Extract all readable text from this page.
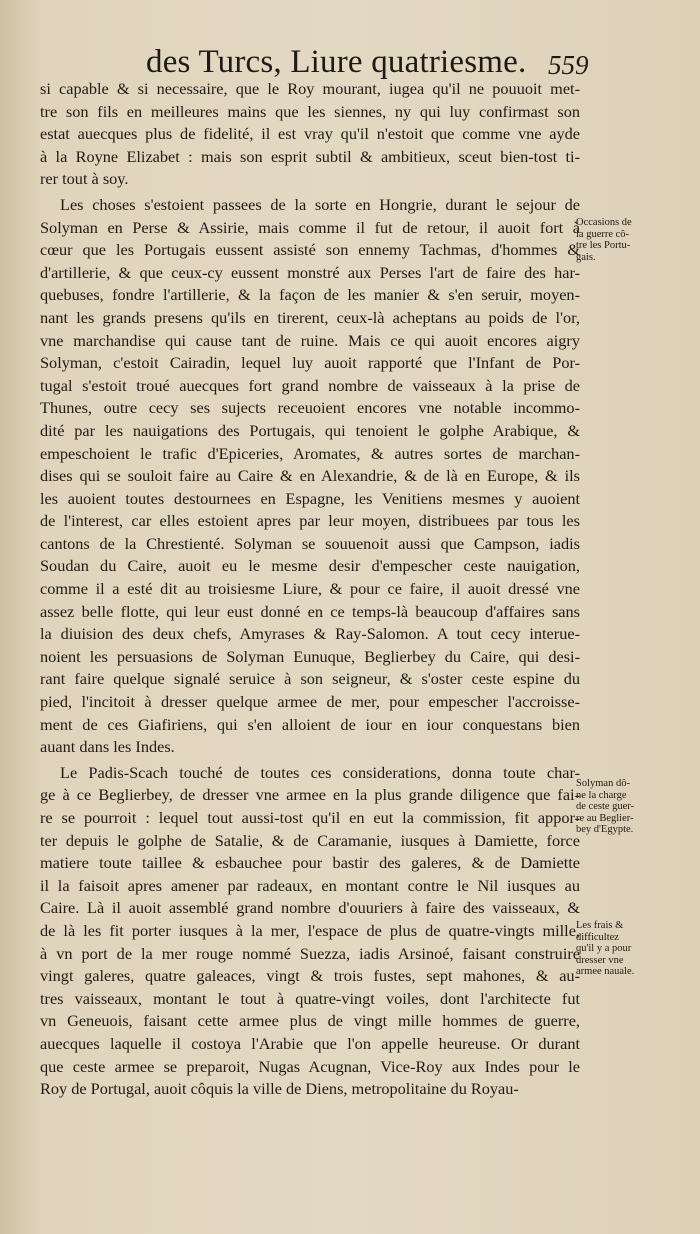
des Turcs, Liure quatriesme. 559
si capable & si necessaire, que le Roy mourant, iugea qu'il ne pouuoit met-
tre son fils en meilleures mains que les siennes, ny qui luy confirmast son
estat auecques plus de fidelité, il est vray qu'il n'estoit que comme vne ayde
à la Royne Elizabet : mais son esprit subtil & ambitieux, sceut bien-tost ti-
rer tout à soy.
Les choses s'estoient passees de la sorte en Hongrie, durant le sejour de
Solyman en Perse & Assirie, mais comme il fut de retour, il auoit fort à
cœur que les Portugais eussent assisté son ennemy Tachmas, d'hommes &
d'artillerie, & que ceux-cy eussent monstré aux Perses l'art de faire des har-
quebuses, fondre l'artillerie, & la façon de les manier & s'en seruir, moyen-
nant les grands presens qu'ils en tirerent, ceux-là acheptans au poids de l'or,
vne marchandise qui cause tant de ruine. Mais ce qui auoit encores aigry
Solyman, c'estoit Cairadin, lequel luy auoit rapporté que l'Infant de Por-
tugal s'estoit troué auecques fort grand nombre de vaisseaux à la prise de
Thunes, outre cecy ses sujects receuoient encores vne notable incommo-
dité par les nauigations des Portugais, qui tenoient le golphe Arabique, &
empeschoient le trafic d'Epiceries, Aromates, & autres sortes de marchan-
dises qui se souloit faire au Caire & en Alexandrie, & de là en Europe, & ils
les auoient toutes destournees en Espagne, les Venitiens mesmes y auoient
de l'interest, car elles estoient apres par leur moyen, distribuees par tous les
cantons de la Chrestienté. Solyman se souuenoit aussi que Campson, iadis
Soudan du Caire, auoit eu le mesme desir d'empescher ceste nauigation,
comme il a esté dit au troisiesme Liure, & pour ce faire, il auoit dressé vne
assez belle flotte, qui leur eust donné en ce temps-là beaucoup d'affaires sans
la diuision des deux chefs, Amyrases & Ray-Salomon. A tout cecy interue-
noient les persuasions de Solyman Eunuque, Beglierbey du Caire, qui desi-
rant faire quelque signalé seruice à son seigneur, & s'oster ceste espine du
pied, l'incitoit à dresser quelque armee de mer, pour empescher l'accroisse-
ment de ces Giafiriens, qui s'en alloient de iour en iour conquestans bien
auant dans les Indes.
Le Padis-Scach touché de toutes ces considerations, donna toute char-
ge à ce Beglierbey, de dresser vne armee en la plus grande diligence que fai-
re se pourroit : lequel tout aussi-tost qu'il en eut la commission, fit appor-
ter depuis le golphe de Satalie, & de Caramanie, iusques à Damiette, force
matiere toute taillee & esbauchee pour bastir des galeres, & de Damiette
il la faisoit apres amener par radeaux, en montant contre le Nil iusques au
Caire. Là il auoit assemblé grand nombre d'ouuriers à faire des vaisseaux, &
de là les fit porter iusques à la mer, l'espace de plus de quatre-vingts mille,
à vn port de la mer rouge nommé Suezza, iadis Arsinoé, faisant construire
vingt galeres, quatre galeaces, vingt & trois fustes, sept mahones, & au-
tres vaisseaux, montant le tout à quatre-vingt voiles, dont l'architecte fut
vn Geneuois, faisant cette armee plus de vingt mille hommes de guerre,
auecques laquelle il costoya l'Arabie que l'on appelle heureuse. Or durant
que ceste armee se preparoit, Nugas Acugnan, Vice-Roy aux Indes pour le
Roy de Portugal, auoit côquis la ville de Diens, metropolitaine du Royau-
Occasions de
la guerre cô-
tre les Portu-
gais.
Solyman dô-
ne la charge
de ceste guer-
re au Beglier-
bey d'Egypte.
Les frais &
difficultez
qu'il y a pour
dresser vne
armee nauale.
